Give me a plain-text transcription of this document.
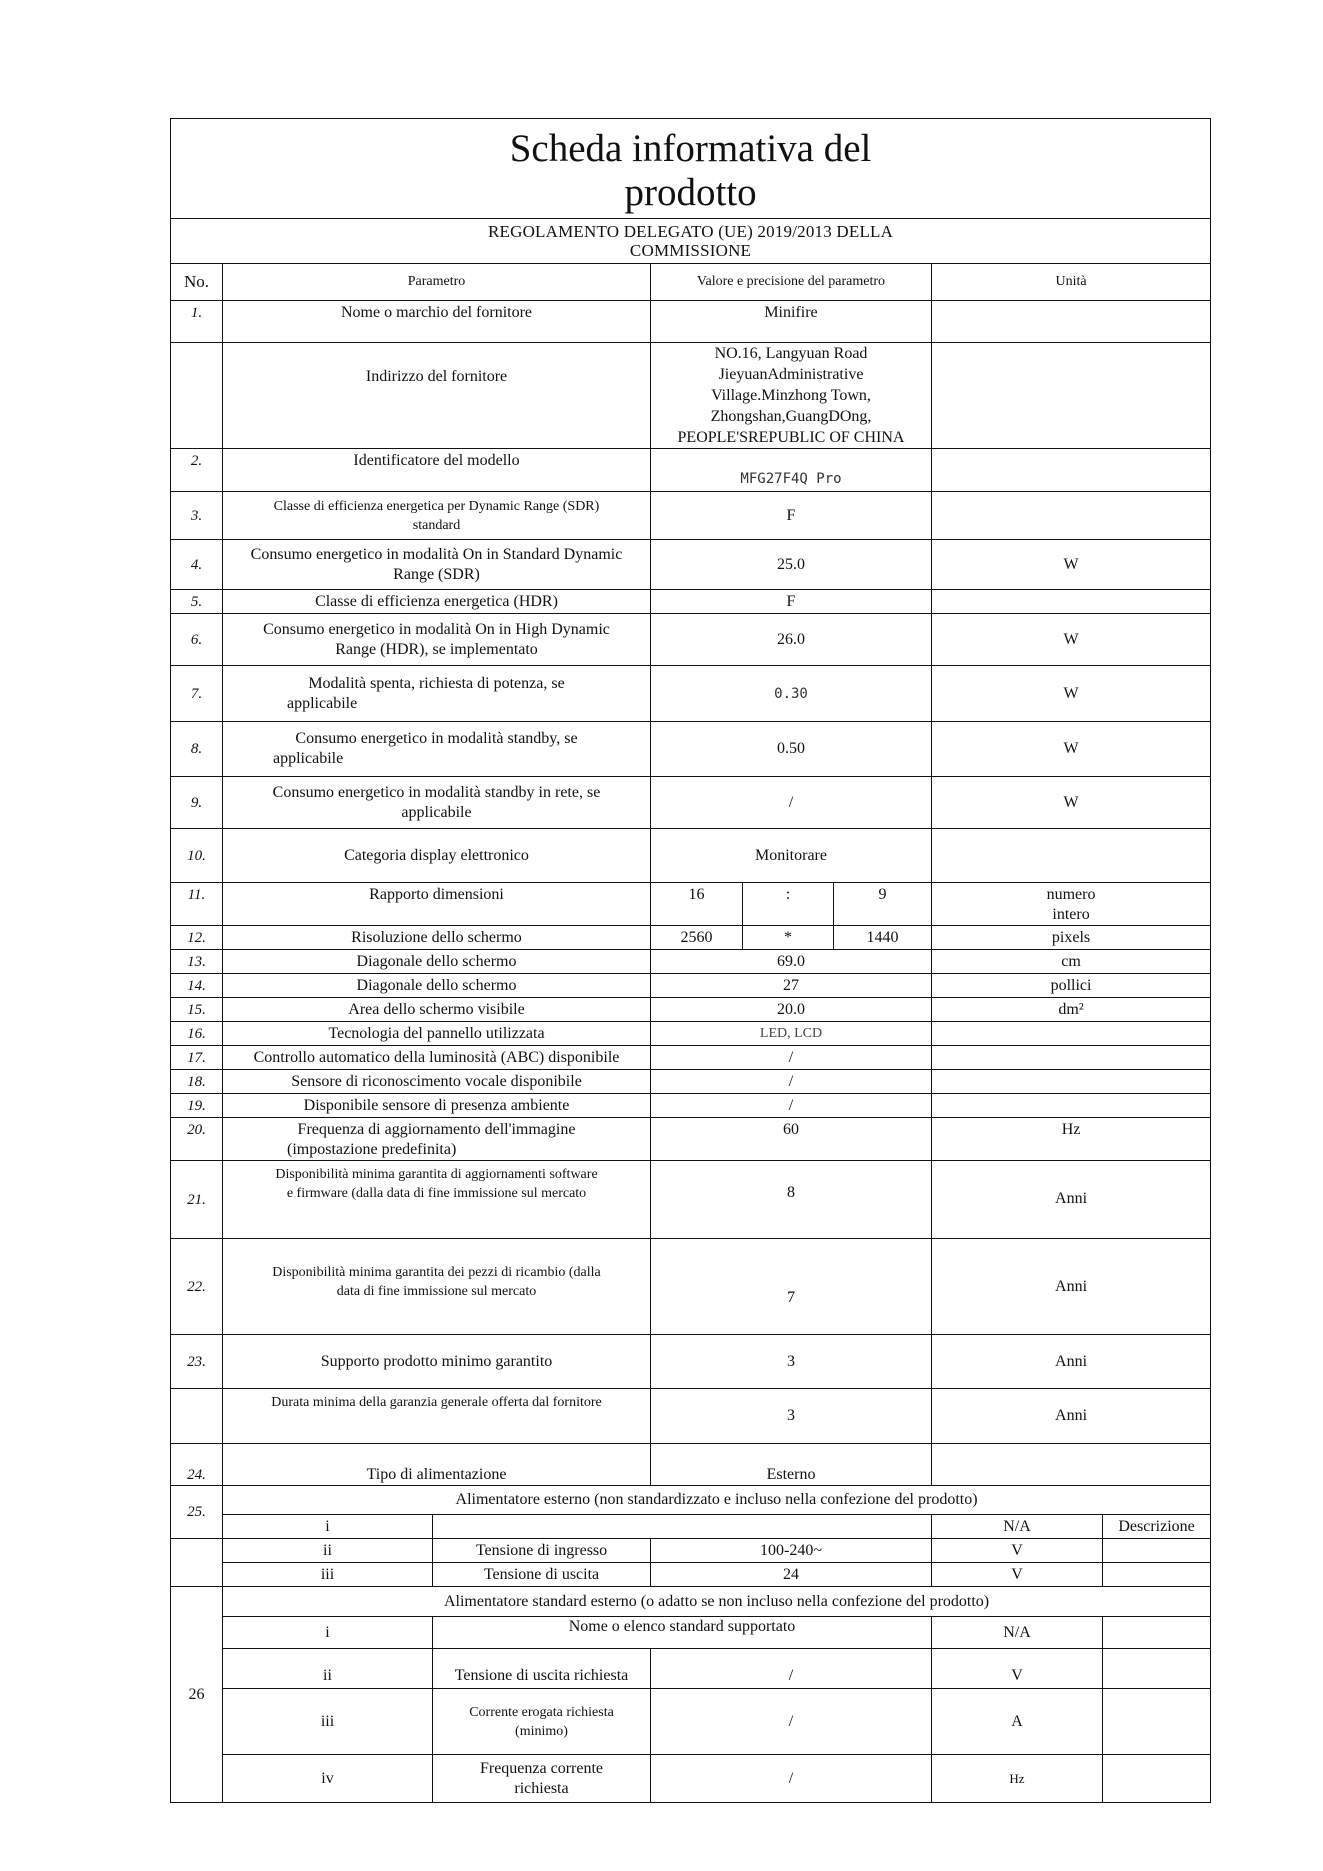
Scheda informativa del
prodotto							

REGOLAMENTO DELEGATO (UE) 2019/2013 DELLA
COMMISSIONE							

No.	Parametro		Valore e precisione del parametro			Unità	
1.	Nome o marchio del fornitore		Minifire				
	Indirizzo del fornitore		NO.16, Langyuan Road
JieyuanAdministrative
Village.Minzhong Town,
Zhongshan,GuangDOng,
PEOPLE'SREPUBLIC OF CHINA				

2.	Identificatore del modello		MFG27F4Q Pro				
3.	Classe di efficienza energetica per Dynamic Range (SDR)
standard		F				
4.	Consumo energetico in modalità On in Standard Dynamic
Range (SDR)		25.0			W	
5.	Classe di efficienza energetica (HDR)		F				
6.	Consumo energetico in modalità On in High Dynamic
Range (HDR), se implementato		26.0			W	
7.	Modalità spenta, richiesta di potenza, se
applicabile		0.30			W	
8.	Consumo energetico in modalità standby, se
applicabile		0.50			W	
9.	Consumo energetico in modalità standby in rete, se
applicabile		/			W	
10.	Categoria display elettronico		Monitorare				
11.	Rapporto dimensioni		16	:	9	numero
intero	

12.	Risoluzione dello schermo		2560	*	1440	pixels	
13.	Diagonale dello schermo		69.0			cm	
14.	Diagonale dello schermo		27			pollici	
15.	Area dello schermo visibile		20.0			dm²	
16.	Tecnologia del pannello utilizzata		LED, LCD				
17.	Controllo automatico della luminosità (ABC) disponibile		/				
18.	Sensore di riconoscimento vocale disponibile		/				
19.	Disponibile sensore di presenza ambiente		/				
20.	Frequenza di aggiornamento dell'immagine
(impostazione predefinita)		60			Hz	
21.	Disponibilità minima garantita di aggiornamenti software
e firmware (dalla data di fine immissione sul mercato		8			Anni	
22.	Disponibilità minima garantita dei pezzi di ricambio (dalla
data di fine immissione sul mercato		7			Anni	
23.	Supporto prodotto minimo garantito		3			Anni	
	Durata minima della garanzia generale offerta dal fornitore		3			Anni	
24.	Tipo di alimentazione		Esterno				
25.	Alimentatore esterno (non standardizzato e incluso nella confezione del prodotto)						
	i					N/A	Descrizione
	ii	Tensione di ingresso	100-240~			V	
	iii	Tensione di uscita	24			V	
26	Alimentatore standard esterno (o adatto se non incluso nella confezione del prodotto)						
	i	Nome o elenco standard supportato				N/A	
	ii	Tensione di uscita richiesta	/			V	
	iii	Corrente erogata richiesta
(minimo)	/			A	
	iv	Frequenza corrente
richiesta	/			Hz	
